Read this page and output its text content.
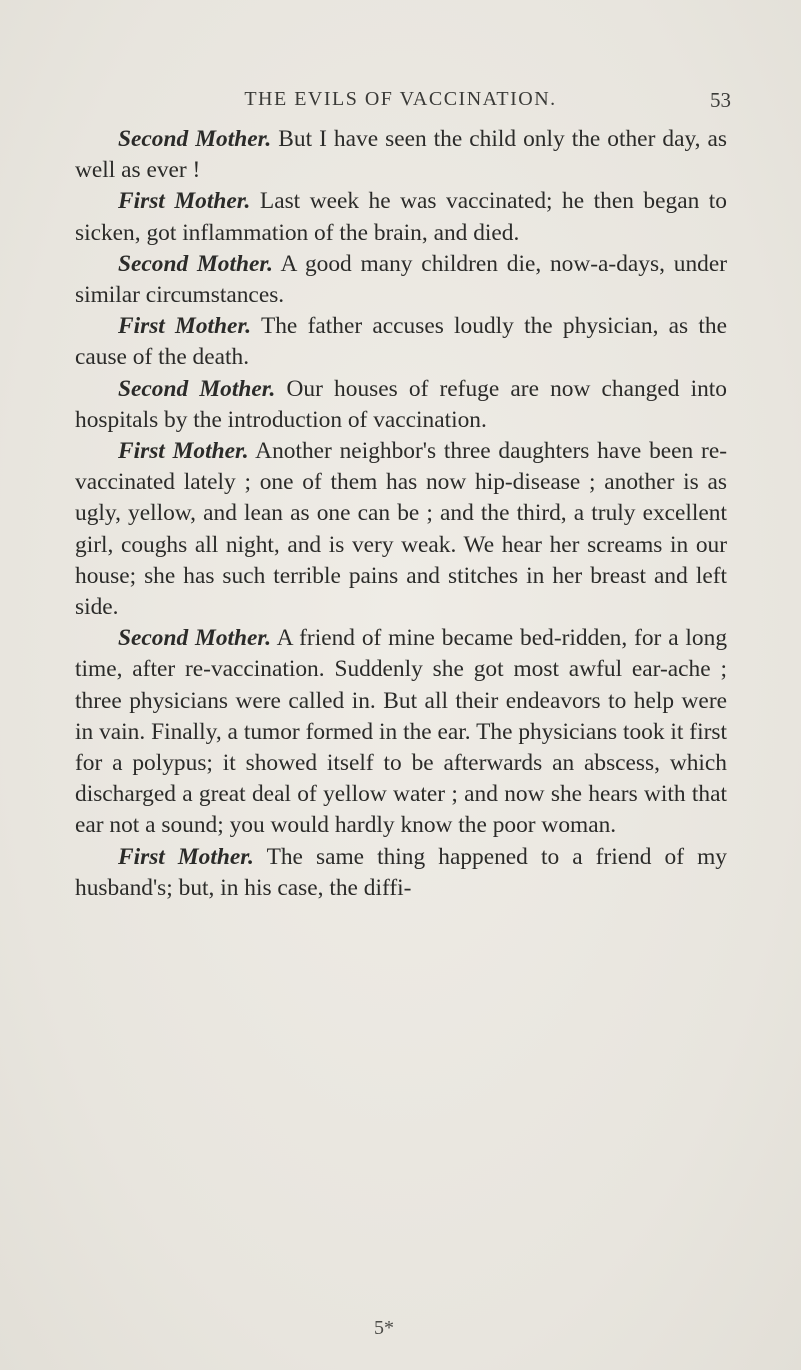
THE EVILS OF VACCINATION.	53

Second Mother. But I have seen the child only the other day, as well as ever !

First Mother. Last week he was vaccinated; he then began to sicken, got inflammation of the brain, and died.

Second Mother. A good many children die, now-a-days, under similar circumstances.

First Mother. The father accuses loudly the physician, as the cause of the death.

Second Mother. Our houses of refuge are now changed into hospitals by the introduction of vaccination.

First Mother. Another neighbor's three daughters have been re-vaccinated lately ; one of them has now hip-disease ; another is as ugly, yellow, and lean as one can be ; and the third, a truly excellent girl, coughs all night, and is very weak. We hear her screams in our house; she has such terrible pains and stitches in her breast and left side.

Second Mother. A friend of mine became bed-ridden, for a long time, after re-vaccination. Suddenly she got most awful ear-ache ; three physicians were called in. But all their endeavors to help were in vain. Finally, a tumor formed in the ear. The physicians took it first for a polypus; it showed itself to be afterwards an abscess, which discharged a great deal of yellow water ; and now she hears with that ear not a sound; you would hardly know the poor woman.

First Mother. The same thing happened to a friend of my husband's; but, in his case, the diffi-

5*
